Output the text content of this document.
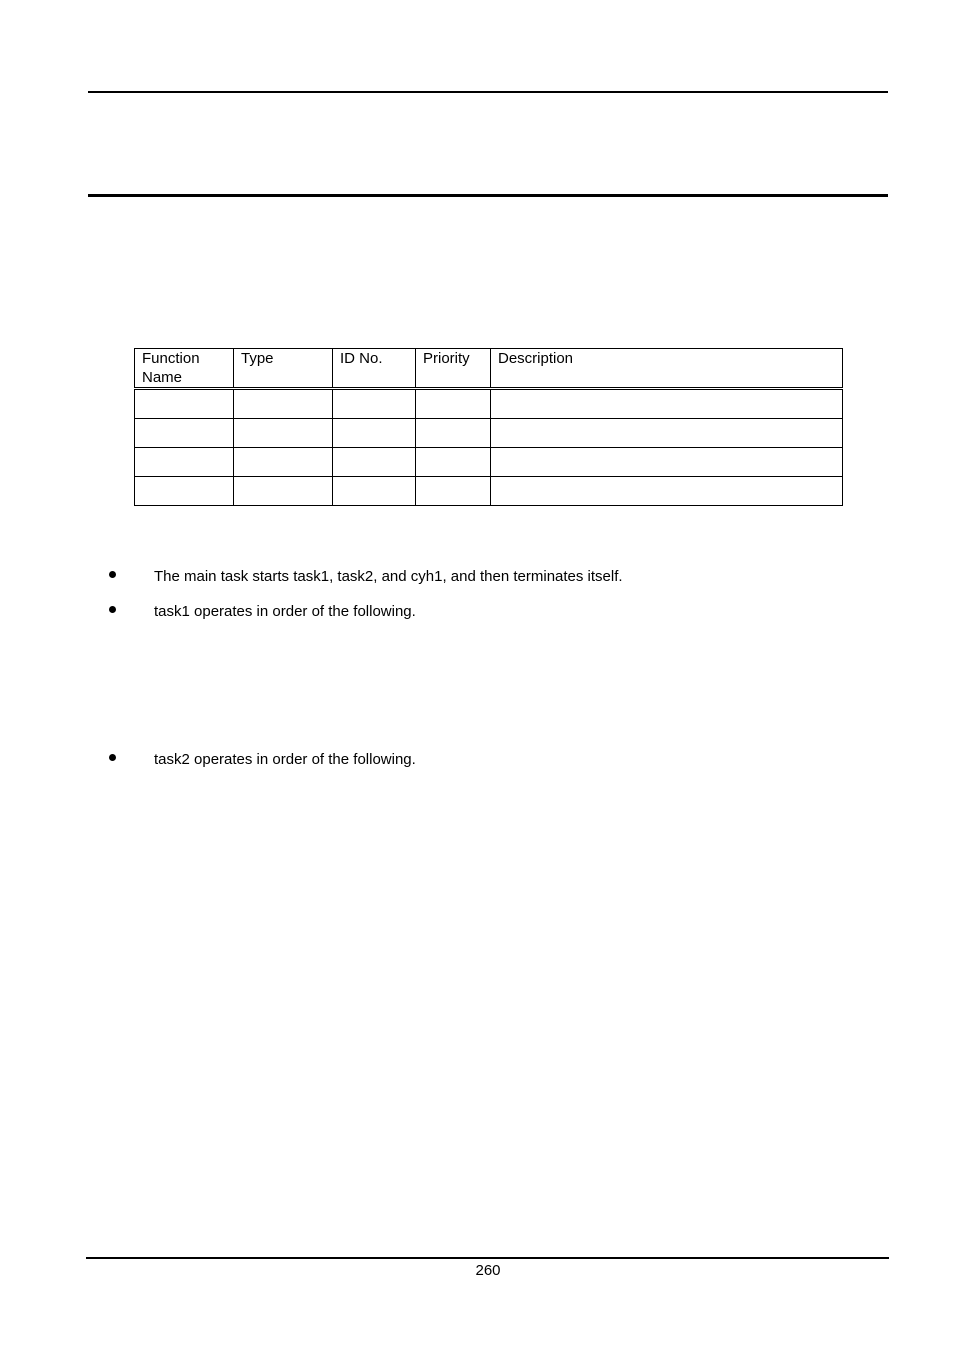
Function Name	Type	ID No.	Priority	Description

The main task starts task1, task2, and cyh1, and then terminates itself.
task1 operates in order of the following.
task2 operates in order of the following.
260
